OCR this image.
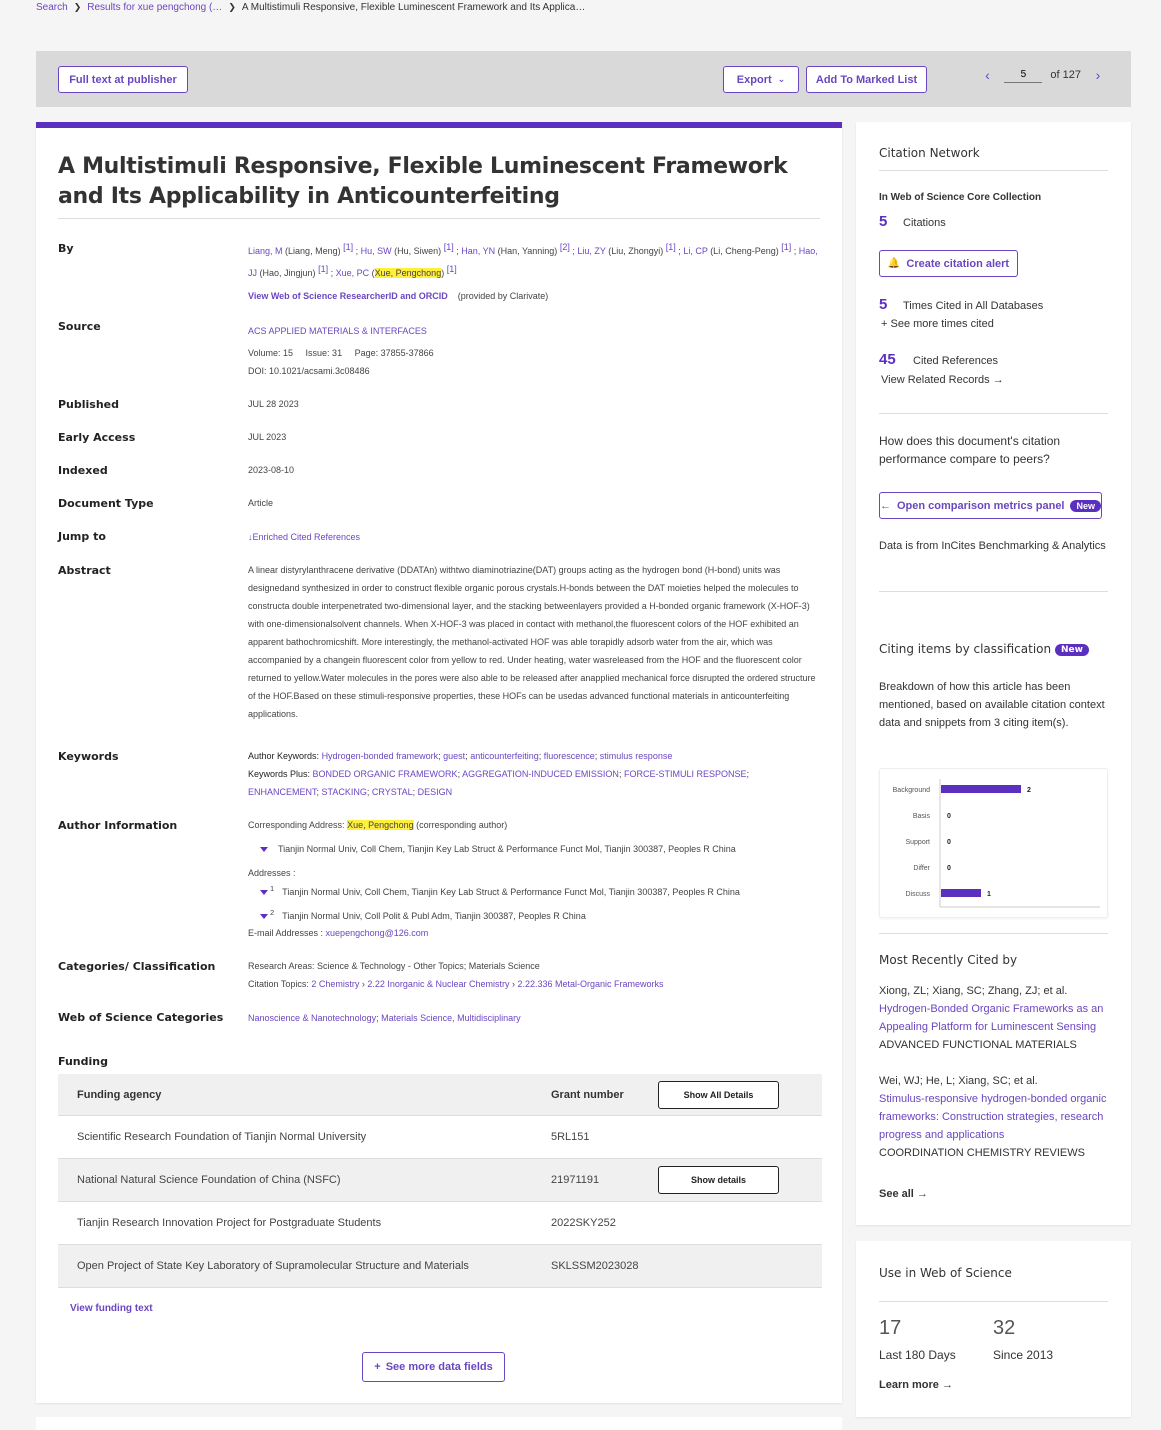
Search ❯ Results for xue pengchong (… ❯ A Multistimuli Responsive, Flexible Luminescent Framework and Its Applica…
Full text at publisher	Export ⌄	Add To Marked List	‹
5	of 127	›
A Multistimuli Responsive, Flexible Luminescent Framework and Its Applicability in Anticounterfeiting
By	Liang, M (Liang, Meng) [1] ; Hu, SW (Hu, Siwen) [1] ; Han, YN (Han, Yanning) [2] ; Liu, ZY (Liu, Zhongyi) [1] ; Li, CP (Li, Cheng-Peng) [1] ; Hao, JJ (Hao, Jingjun) [1] ; Xue, PC (Xue, Pengchong) [1]
View Web of Science ResearcherID and ORCID (provided by Clarivate)
Source	ACS APPLIED MATERIALS & INTERFACES
Volume: 15 Issue: 31 Page: 37855-37866
DOI: 10.1021/acsami.3c08486
Published	JUL 28 2023
Early Access	JUL 2023
Indexed	2023-08-10
Document Type	Article
Jump to	↓Enriched Cited References
Abstract	A linear distyrylanthracene derivative (DDATAn) withtwo diaminotriazine(DAT) groups acting as the hydrogen bond (H-bond) units was designedand synthesized in order to construct flexible organic porous crystals.H-bonds between the DAT moieties helped the molecules to constructa double interpenetrated two-dimensional layer, and the stacking betweenlayers provided a H-bonded organic framework (X-HOF-3) with one-dimensionalsolvent channels. When X-HOF-3 was placed in contact with methanol,the fluorescent colors of the HOF exhibited an apparent bathochromicshift. More interestingly, the methanol-activated HOF was able torapidly adsorb water from the air, which was accompanied by a changein fluorescent color from yellow to red. Under heating, water wasreleased from the HOF and the fluorescent color returned to yellow.Water molecules in the pores were also able to be released after anapplied mechanical force disrupted the ordered structure of the HOF.Based on these stimuli-responsive properties, these HOFs can be usedas advanced functional materials in anticounterfeiting applications.
Keywords	Author Keywords: Hydrogen-bonded framework; guest; anticounterfeiting; fluorescence; stimulus response
Keywords Plus: BONDED ORGANIC FRAMEWORK; AGGREGATION-INDUCED EMISSION; FORCE-STIMULI RESPONSE; ENHANCEMENT; STACKING; CRYSTAL; DESIGN
Author Information	Corresponding Address: Xue, Pengchong (corresponding author)
Tianjin Normal Univ, Coll Chem, Tianjin Key Lab Struct & Performance Funct Mol, Tianjin 300387, Peoples R China
Addresses :
$^1$ Tianjin Normal Univ, Coll Chem, Tianjin Key Lab Struct & Performance Funct Mol, Tianjin 300387, Peoples R China
$^2$ Tianjin Normal Univ, Coll Polit & Publ Adm, Tianjin 300387, Peoples R China
E-mail Addresses : xuepengchong@126.com
Categories/ Classification	Research Areas: Science & Technology - Other Topics; Materials Science
Citation Topics: 2 Chemistry › 2.22 Inorganic & Nuclear Chemistry › 2.22.336 Metal-Organic Frameworks
Web of Science Categories	Nanoscience & Nanotechnology; Materials Science, Multidisciplinary
Funding
Funding agency	Grant number	Show All Details
Scientific Research Foundation of Tianjin Normal University	5RL151
National Natural Science Foundation of China (NSFC)	21971191	Show details
Tianjin Research Innovation Project for Postgraduate Students	2022SKY252
Open Project of State Key Laboratory of Supramolecular Structure and Materials	SKLSSM2023028
View funding text
+ See more data fields
Citation Network
In Web of Science Core Collection
5 Citations
🔔 Create citation alert
5 Times Cited in All Databases
+ See more times cited
45 Cited References
View Related Records →
How does this document's citation performance compare to peers?
← Open comparison metrics panel	New
Data is from InCites Benchmarking & Analytics
Citing items by classification New
Breakdown of how this article has been mentioned, based on available citation context data and snippets from 3 citing item(s).
Background	2
Basis 0
Support 0
Differ 0
Discuss	1
Most Recently Cited by
Xiong, ZL; Xiang, SC; Zhang, ZJ; et al.
Hydrogen-Bonded Organic Frameworks as an Appealing Platform for Luminescent Sensing
ADVANCED FUNCTIONAL MATERIALS
Wei, WJ; He, L; Xiang, SC; et al.
Stimulus-responsive hydrogen-bonded organic frameworks: Construction strategies, research progress and applications
COORDINATION CHEMISTRY REVIEWS
See all →
Use in Web of Science
17
Last 180 Days
32
Since 2013
Learn more →
